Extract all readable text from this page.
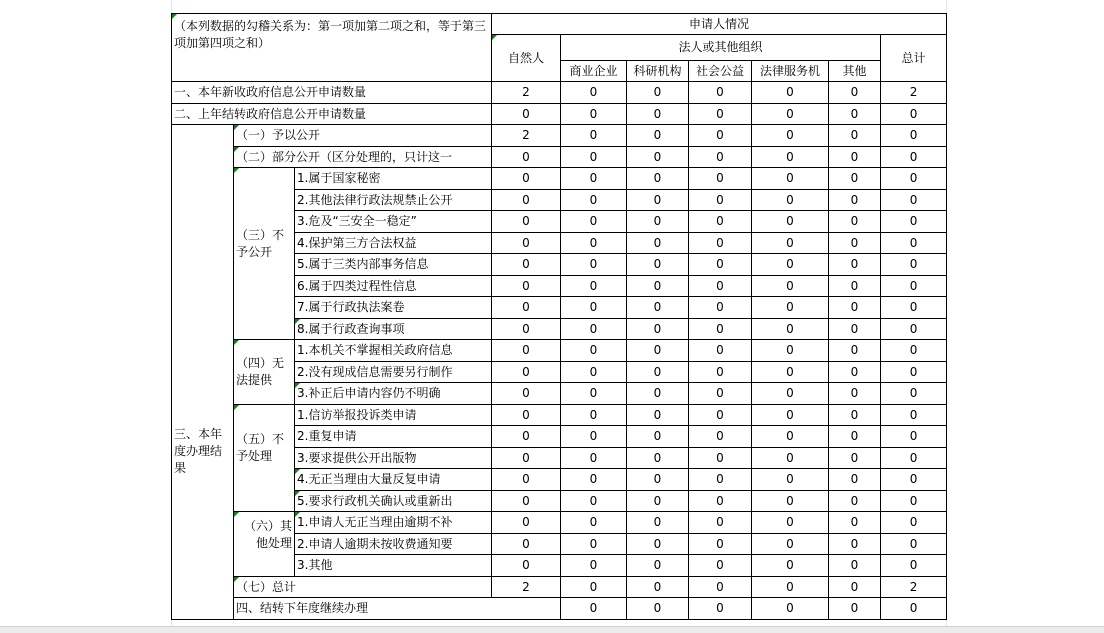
（本列数据的勾稽关系为：第一项加第二项之和，等于第三项加第四项之和）			申请人情况							
			自然人	法人或其他组织					总计	
				商业企业	科研机构	社会公益	法律服务机	其他		
一、本年新收政府信息公开申请数量			2	0	0	0	0	0	2	
二、上年结转政府信息公开申请数量			0	0	0	0	0	0	0	
三、本年度办理结果	（一）予以公开		2	0	0	0	0	0	0	
	（二）部分公开（区分处理的，只计这一		0	0	0	0	0	0	0	
	（三）不予公开	1.属于国家秘密	0	0	0	0	0	0	0	
		2.其他法律行政法规禁止公开	0	0	0	0	0	0	0	
		3.危及“三安全一稳定”	0	0	0	0	0	0	0	
		4.保护第三方合法权益	0	0	0	0	0	0	0	
		5.属于三类内部事务信息	0	0	0	0	0	0	0	
		6.属于四类过程性信息	0	0	0	0	0	0	0	
		7.属于行政执法案卷	0	0	0	0	0	0	0	
		8.属于行政查询事项	0	0	0	0	0	0	0	
	（四）无法提供	1.本机关不掌握相关政府信息	0	0	0	0	0	0	0	
		2.没有现成信息需要另行制作	0	0	0	0	0	0	0	
		3.补正后申请内容仍不明确	0	0	0	0	0	0	0	
	（五）不予处理	1.信访举报投诉类申请	0	0	0	0	0	0	0	
		2.重复申请	0	0	0	0	0	0	0	
		3.要求提供公开出版物	0	0	0	0	0	0	0	
		4.无正当理由大量反复申请	0	0	0	0	0	0	0	
		5.要求行政机关确认或重新出	0	0	0	0	0	0	0	
	（六）其他处理	1.申请人无正当理由逾期不补	0	0	0	0	0	0	0	
		2.申请人逾期未按收费通知要	0	0	0	0	0	0	0	
		3.其他	0	0	0	0	0	0	0	
	（七）总计		2	0	0	0	0	0	2	
	四、结转下年度继续办理			0	0	0	0	0	0	
